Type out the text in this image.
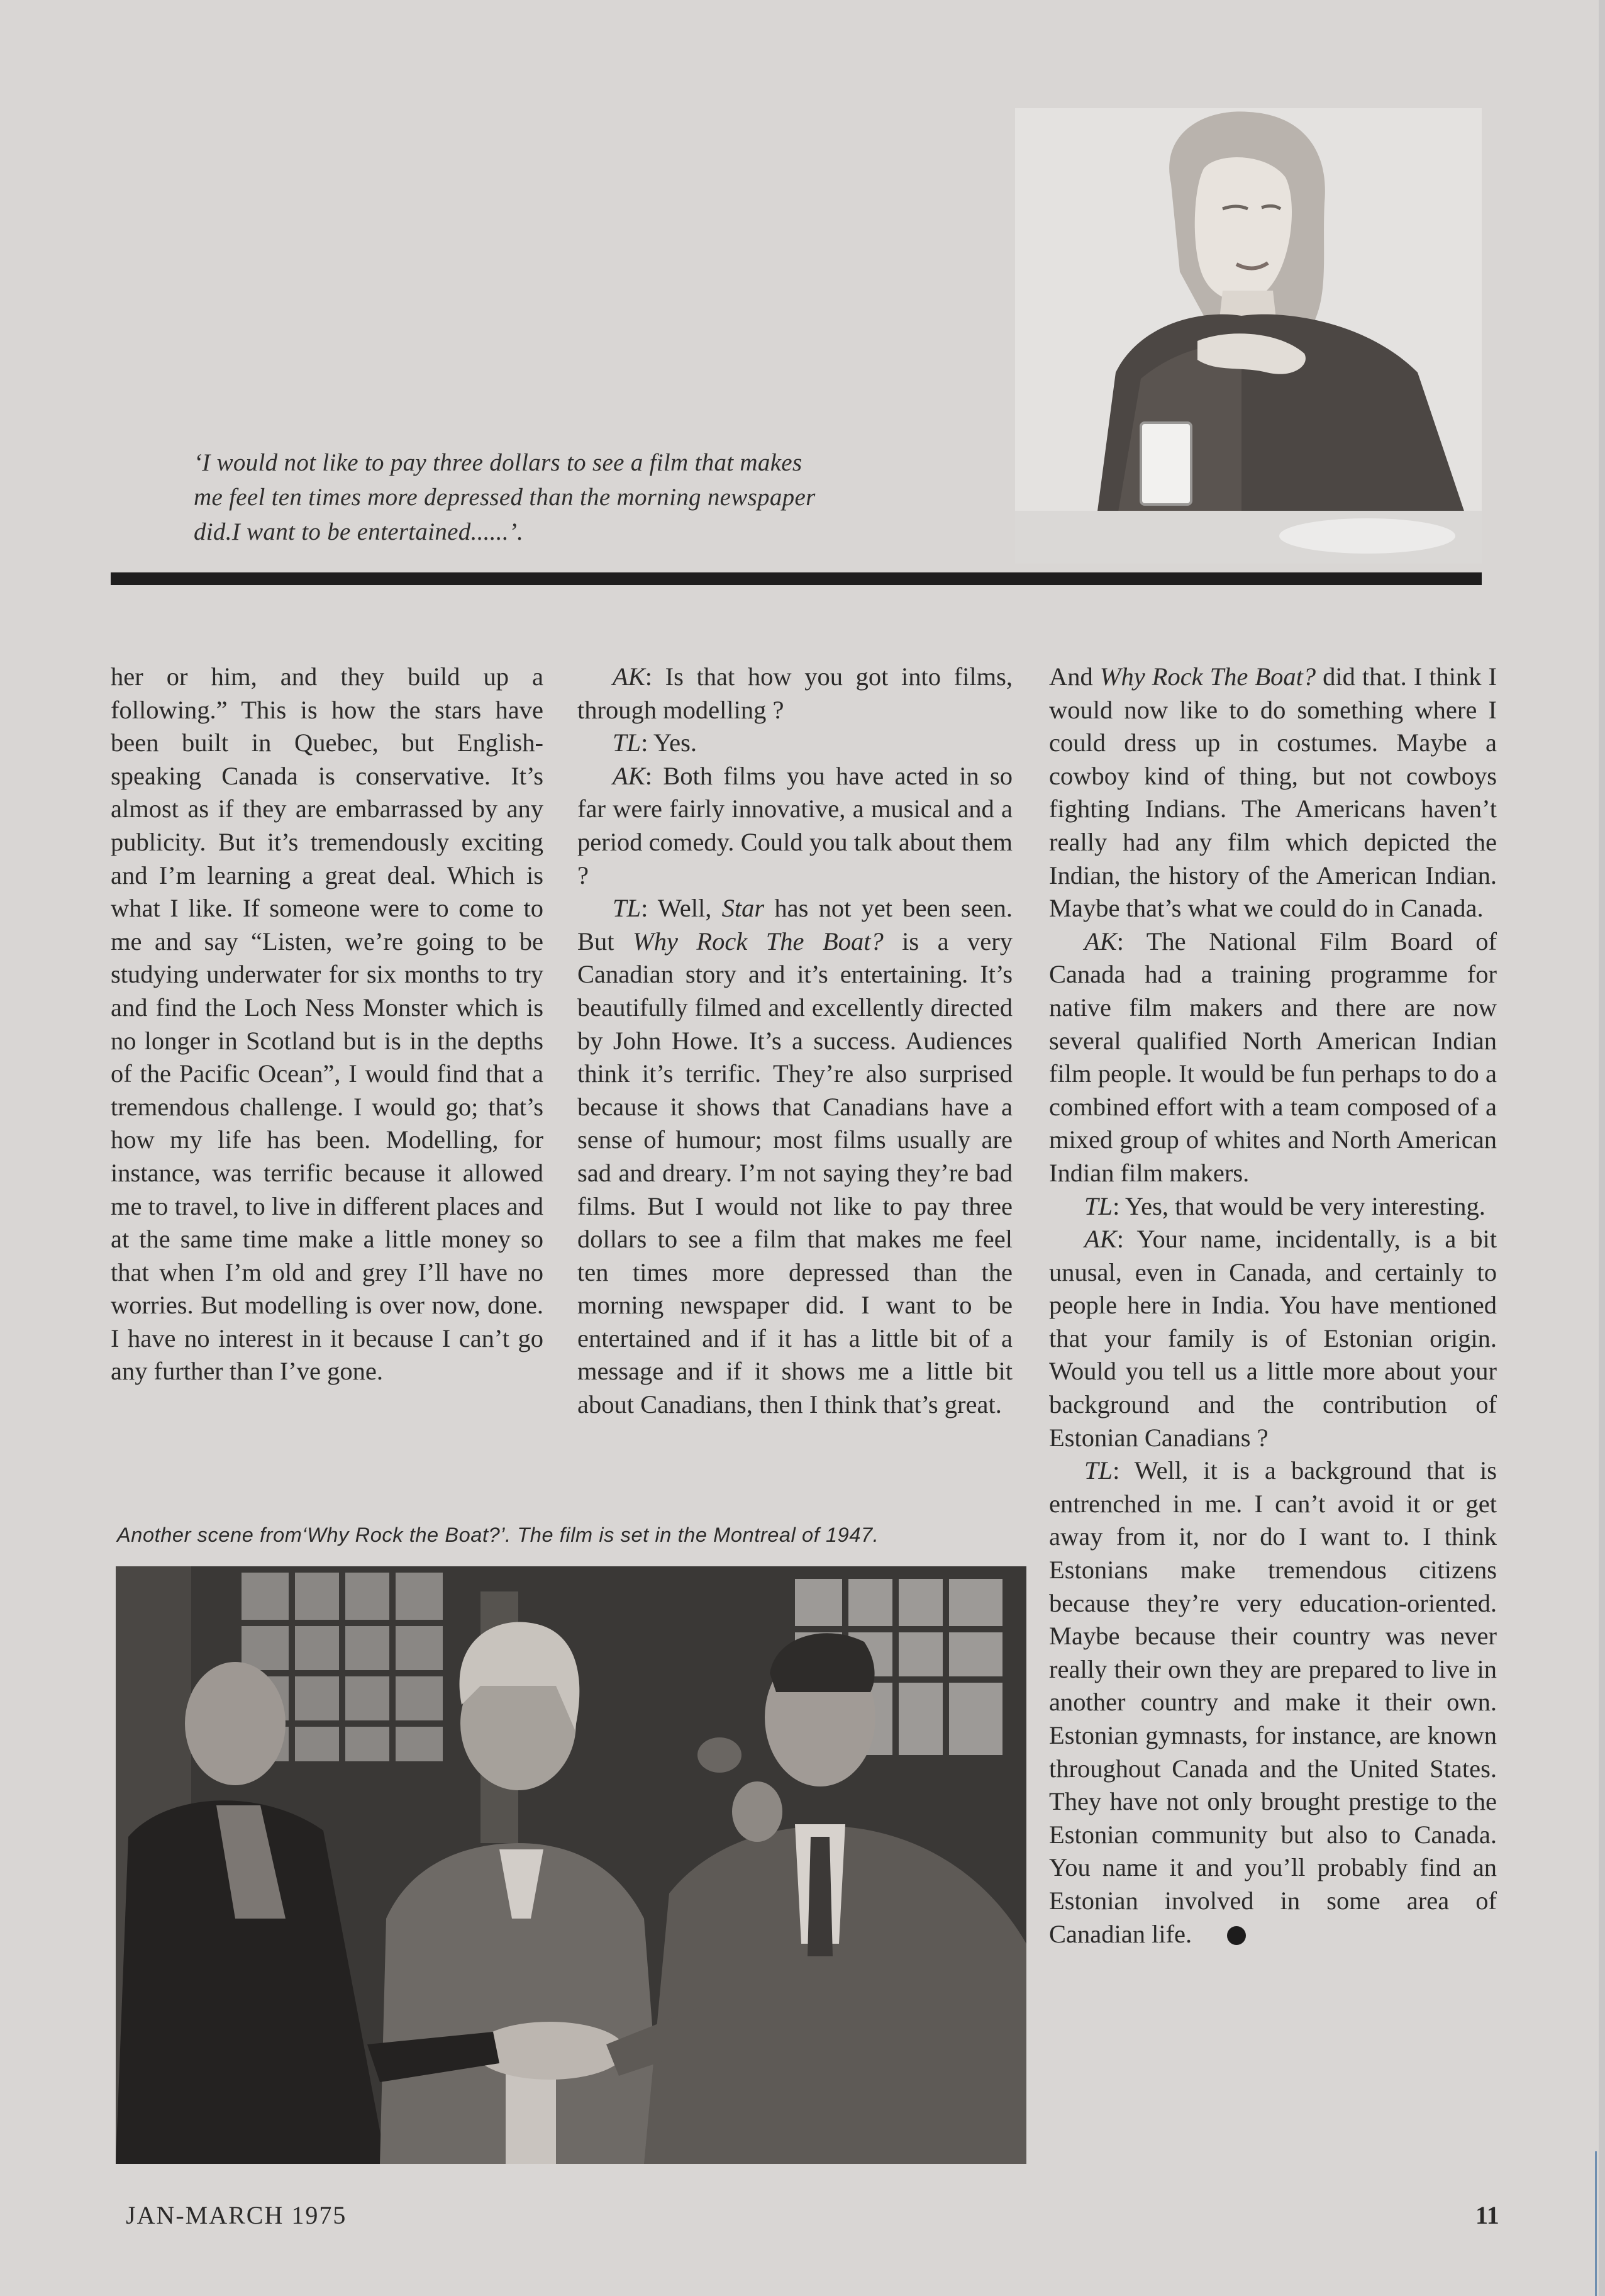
‘I would not like to pay three dollars to see a film that makes
me feel ten times more depressed than the morning newspaper
did.I want to be entertained......’.

her or him, and they build up a following.” This is how the stars have been built in Quebec, but English-speaking Canada is conservative. It’s almost as if they are embarrassed by any publicity. But it’s tremendously exciting and I’m learning a great deal. Which is what I like. If someone were to come to me and say “Listen, we’re going to be studying underwater for six months to try and find the Loch Ness Monster which is no longer in Scotland but is in the depths of the Pacific Ocean”, I would find that a tremendous challenge. I would go; that’s how my life has been. Modelling, for instance, was terrific because it allowed me to travel, to live in different places and at the same time make a little money so that when I’m old and grey I’ll have no worries. But modelling is over now, done. I have no interest in it because I can’t go any further than I’ve gone.

AK: Is that how you got into films, through modelling ?

TL: Yes.

AK: Both films you have acted in so far were fairly innovative, a musical and a period comedy. Could you talk about them ?

TL: Well, Star has not yet been seen. But Why Rock The Boat? is a very Canadian story and it’s entertaining. It’s beautifully filmed and excellently directed by John Howe. It’s a success. Audiences think it’s terrific. They’re also surprised because it shows that Canadians have a sense of humour; most films usually are sad and dreary. I’m not saying they’re bad films. But I would not like to pay three dollars to see a film that makes me feel ten times more depressed than the morning newspaper did. I want to be entertained and if it has a little bit of a message and if it shows me a little bit about Canadians, then I think that’s great.

And Why Rock The Boat? did that. I think I would now like to do something where I could dress up in costumes. Maybe a cowboy kind of thing, but not cowboys fighting Indians. The Americans haven’t really had any film which depicted the Indian, the history of the American Indian. Maybe that’s what we could do in Canada.

AK: The National Film Board of Canada had a training programme for native film makers and there are now several qualified North American Indian film people. It would be fun perhaps to do a combined effort with a team composed of a mixed group of whites and North American Indian film makers.

TL: Yes, that would be very interesting.

AK: Your name, incidentally, is a bit unusal, even in Canada, and certainly to people here in India. You have mentioned that your family is of Estonian origin. Would you tell us a little more about your background and the contribution of Estonian Canadians ?

TL: Well, it is a background that is entrenched in me. I can’t avoid it or get away from it, nor do I want to. I think Estonians make tremendous citizens because they’re very education-oriented. Maybe because their country was never really their own they are prepared to live in another country and make it their own. Estonian gymnasts, for instance, are known throughout Canada and the United States. They have not only brought prestige to the Estonian community but also to Canada. You name it and you’ll probably find an Estonian involved in some area of Canadian life.

Another scene from‘Why Rock the Boat?’. The film is set in the Montreal of 1947.
JAN-MARCH 1975	11
